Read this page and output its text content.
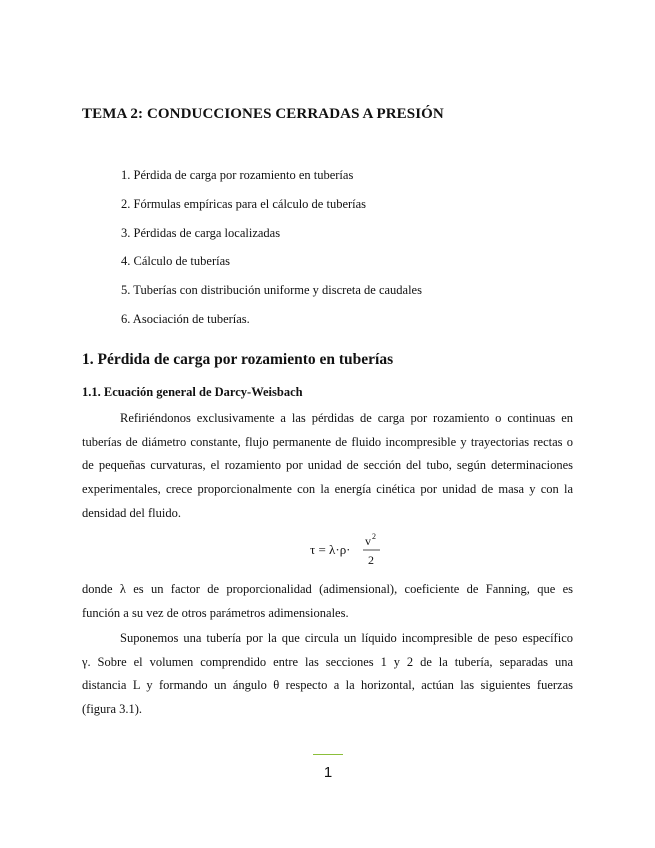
TEMA 2: CONDUCCIONES CERRADAS A PRESIÓN
1. Pérdida de carga por rozamiento en tuberías
2. Fórmulas empíricas para el cálculo de tuberías
3. Pérdidas de carga localizadas
4. Cálculo de tuberías
5. Tuberías con distribución uniforme y discreta de caudales
6. Asociación de tuberías.
1. Pérdida de carga por rozamiento en tuberías
1.1. Ecuación general de Darcy-Weisbach
Refiriéndonos exclusivamente a las pérdidas de carga por rozamiento o continuas en
tuberías de diámetro constante, flujo permanente de fluido incompresible y trayectorias rectas o
de pequeñas curvaturas, el rozamiento por unidad de sección del tubo, según determinaciones
experimentales, crece proporcionalmente con la energía cinética por unidad de masa y con la
densidad del fluido.
τ = λ·ρ·
v 2
2
donde λ es un factor de proporcionalidad (adimensional), coeficiente de Fanning, que es
función a su vez de otros parámetros adimensionales.
Suponemos una tubería por la que circula un líquido incompresible de peso específico
γ. Sobre el volumen comprendido entre las secciones 1 y 2 de la tubería, separadas una
distancia L y formando un ángulo θ respecto a la horizontal, actúan las siguientes fuerzas
(figura 3.1).
1
